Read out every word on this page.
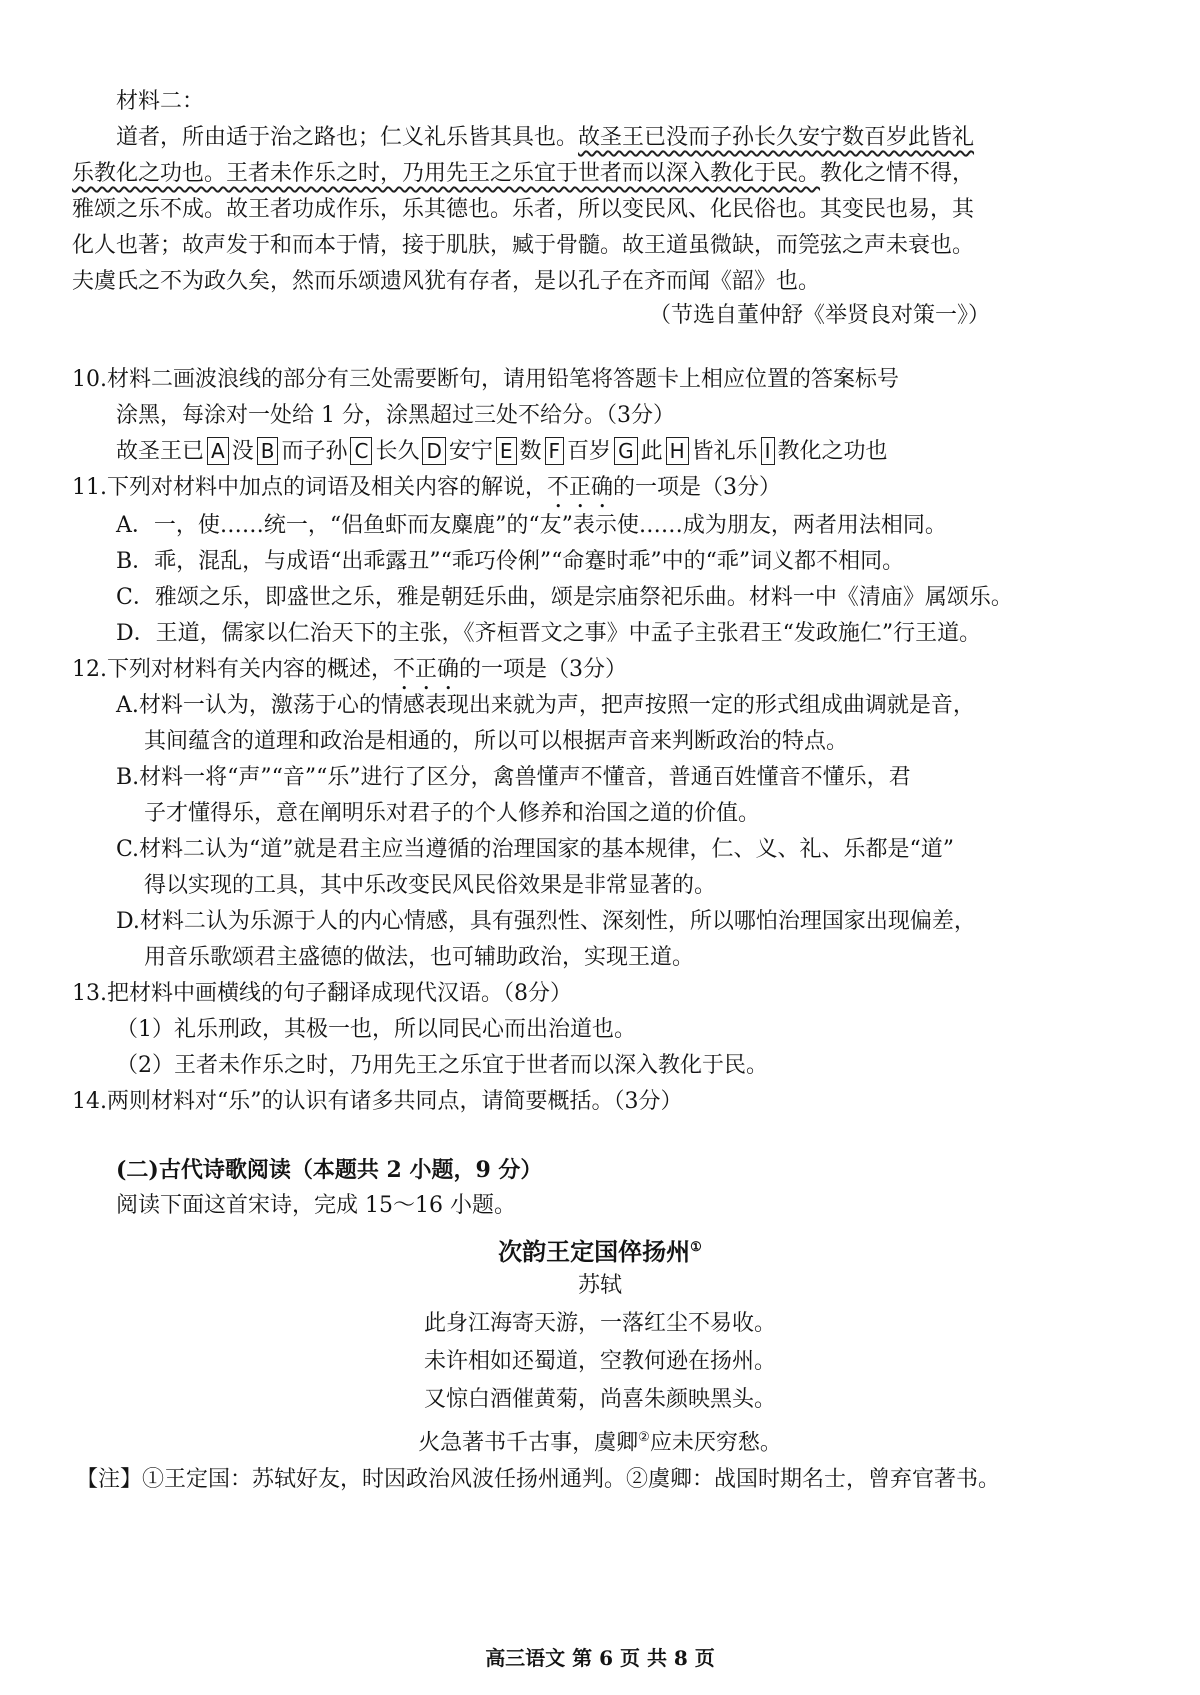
材料二：
道者，所由适于治之路也；仁义礼乐皆其具也。故圣王已没而子孙长久安宁数百岁此皆礼
乐教化之功也。王者未作乐之时，乃用先王之乐宜于世者而以深入教化于民。教化之情不得，
雅颂之乐不成。故王者功成作乐，乐其德也。乐者，所以变民风、化民俗也。其变民也易，其
化人也著；故声发于和而本于情，接于肌肤，臧于骨髓。故王道虽微缺，而筦弦之声未衰也。
夫虞氏之不为政久矣，然而乐颂遗风犹有存者，是以孔子在齐而闻《韶》也。
（节选自董仲舒《举贤良对策一》）
10.材料二画波浪线的部分有三处需要断句，请用铅笔将答题卡上相应位置的答案标号
涂黑，每涂对一处给 1 分，涂黑超过三处不给分。（3分）
故圣王已 A 没 B 而子孙 C 长久 D 安宁 E 数 F 百岁 G 此 H 皆礼乐 I 教化之功也
11.下列对材料中加点的词语及相关内容的解说，不正确的一项是（3分）
A．一，使……统一，“侣鱼虾而友麋鹿”的“友”表示使……成为朋友，两者用法相同。
B．乖，混乱，与成语“出乖露丑”“乖巧伶俐”“命蹇时乖”中的“乖”词义都不相同。
C．雅颂之乐，即盛世之乐，雅是朝廷乐曲，颂是宗庙祭祀乐曲。材料一中《清庙》属颂乐。
D．王道，儒家以仁治天下的主张，《齐桓晋文之事》中孟子主张君王“发政施仁”行王道。
12.下列对材料有关内容的概述，不正确的一项是（3分）
A.材料一认为，激荡于心的情感表现出来就为声，把声按照一定的形式组成曲调就是音，
其间蕴含的道理和政治是相通的，所以可以根据声音来判断政治的特点。
B.材料一将“声”“音”“乐”进行了区分，禽兽懂声不懂音，普通百姓懂音不懂乐，君
子才懂得乐，意在阐明乐对君子的个人修养和治国之道的价值。
C.材料二认为“道”就是君主应当遵循的治理国家的基本规律，仁、义、礼、乐都是“道”
得以实现的工具，其中乐改变民风民俗效果是非常显著的。
D.材料二认为乐源于人的内心情感，具有强烈性、深刻性，所以哪怕治理国家出现偏差，
用音乐歌颂君主盛德的做法，也可辅助政治，实现王道。
13.把材料中画横线的句子翻译成现代汉语。（8分）
（1）礼乐刑政，其极一也，所以同民心而出治道也。
（2）王者未作乐之时，乃用先王之乐宜于世者而以深入教化于民。
14.两则材料对“乐”的认识有诸多共同点，请简要概括。（3分）
(二)古代诗歌阅读（本题共 2 小题，9 分）
阅读下面这首宋诗，完成 15～16 小题。
次韵王定国倅扬州①
苏轼
此身江海寄天游，一落红尘不易收。
未许相如还蜀道，空教何逊在扬州。
又惊白酒催黄菊，尚喜朱颜映黑头。
火急著书千古事，虞卿②应未厌穷愁。
【注】①王定国：苏轼好友，时因政治风波任扬州通判。②虞卿：战国时期名士，曾弃官著书。
高三语文 第 6 页 共 8 页
